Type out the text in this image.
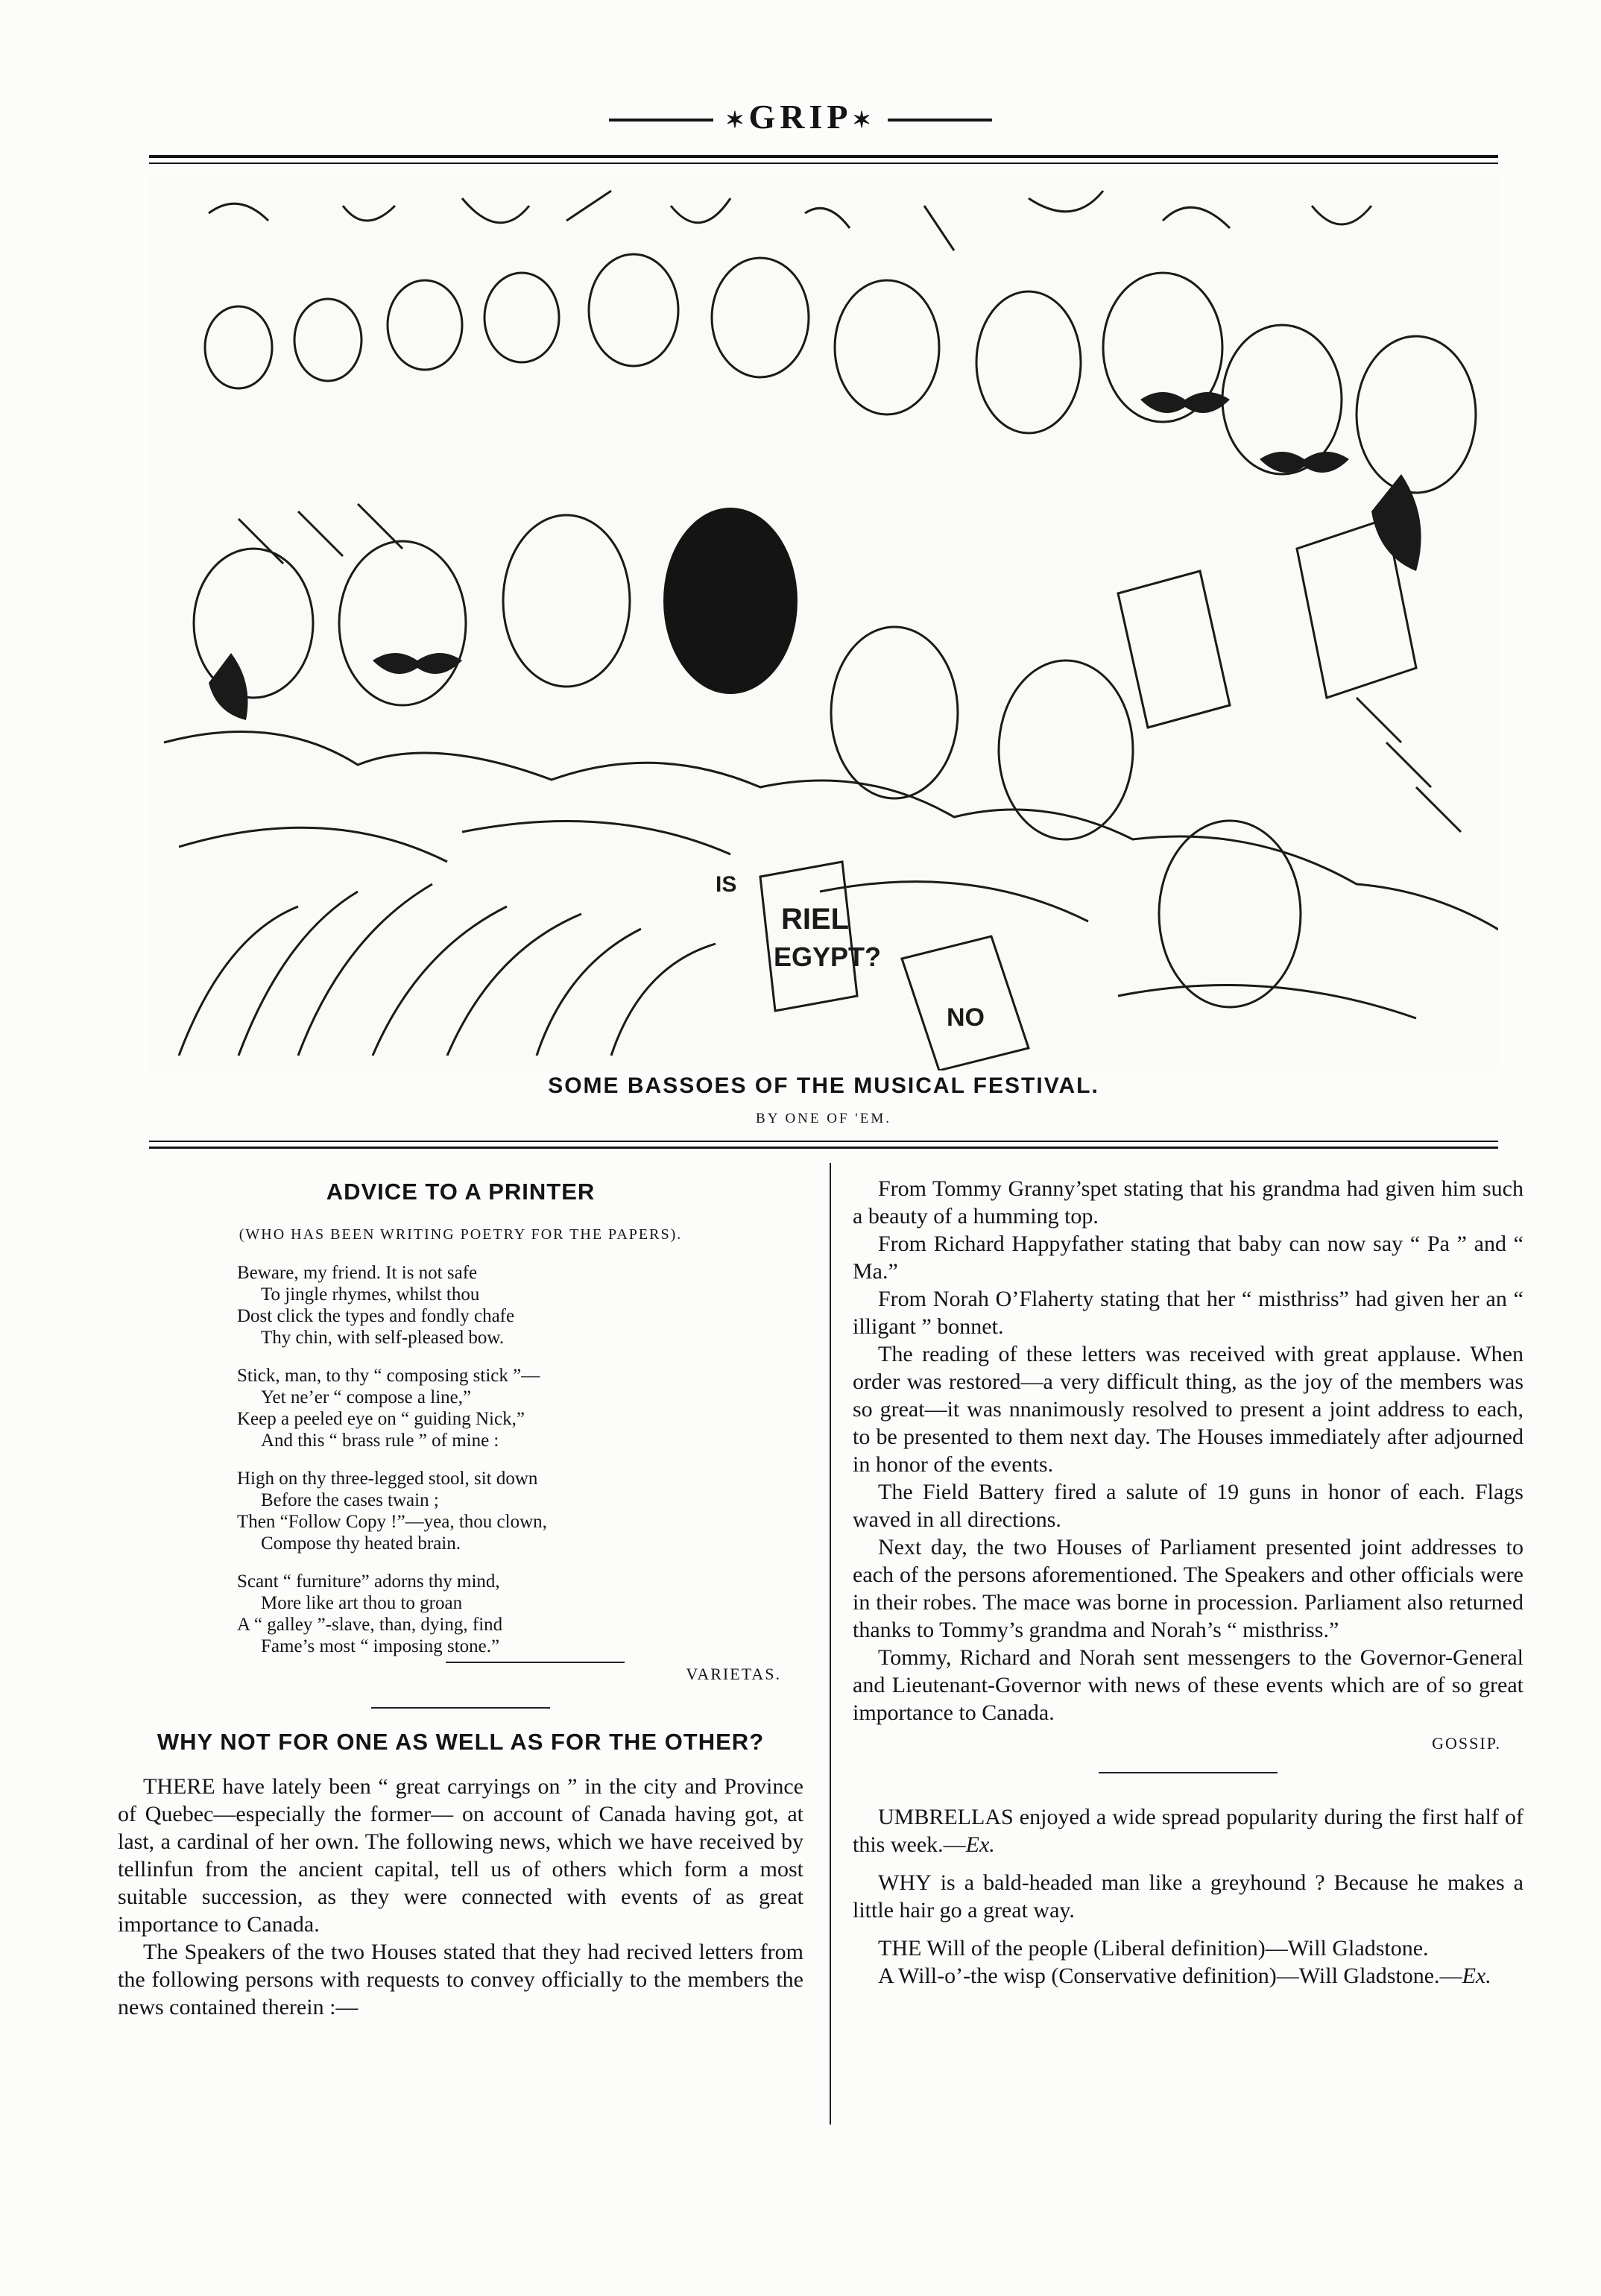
✶GRIP✶
RIEL
EGYPT?
IS
NO
SOME BASSOES OF THE MUSICAL FESTIVAL.
BY ONE OF 'EM.
ADVICE TO A PRINTER
(WHO HAS BEEN WRITING POETRY FOR THE PAPERS).
Beware, my friend. It is not safe
To jingle rhymes, whilst thou
Dost click the types and fondly chafe
Thy chin, with self-pleased bow.
Stick, man, to thy “ composing stick ”—
Yet ne’er “ compose a line,”
Keep a peeled eye on “ guiding Nick,”
And this “ brass rule ” of mine :
High on thy three-legged stool, sit down
Before the cases twain ;
Then “Follow Copy !”—yea, thou clown,
Compose thy heated brain.
Scant “ furniture” adorns thy mind,
More like art thou to groan
A “ galley ”-slave, than, dying, find
Fame’s most “ imposing stone.”
VARIETAS.
WHY NOT FOR ONE AS WELL AS FOR THE OTHER?

THERE have lately been “ great carryings on ” in the city and Province of Quebec—especially the former— on account of Canada having got, at last, a cardinal of her own. The following news, which we have received by tellinfun from the ancient capital, tell us of others which form a most suitable succession, as they were connected with events of as great importance to Canada.

The Speakers of the two Houses stated that they had recived letters from the following persons with requests to convey officially to the members the news contained therein :—

From Tommy Granny’spet stating that his grandma had given him such a beauty of a humming top.

From Richard Happyfather stating that baby can now say “ Pa ” and “ Ma.”

From Norah O’Flaherty stating that her “ misthriss” had given her an “ illigant ” bonnet.

The reading of these letters was received with great applause. When order was restored—a very difficult thing, as the joy of the members was so great—it was nnanimously resolved to present a joint address to each, to be presented to them next day. The Houses immediately after adjourned in honor of the events.

The Field Battery fired a salute of 19 guns in honor of each. Flags waved in all directions.

Next day, the two Houses of Parliament presented joint addresses to each of the persons aforementioned. The Speakers and other officials were in their robes. The mace was borne in procession. Parliament also returned thanks to Tommy’s grandma and Norah’s “ misthriss.”

Tommy, Richard and Norah sent messengers to the Governor-General and Lieutenant-Governor with news of these events which are of so great importance to Canada.

GOSSIP.

UMBRELLAS enjoyed a wide spread popularity during the first half of this week.—Ex.

WHY is a bald-headed man like a greyhound ? Because he makes a little hair go a great way.

THE Will of the people (Liberal definition)—Will Gladstone.

A Will-o’-the wisp (Conservative definition)—Will Gladstone.—Ex.
